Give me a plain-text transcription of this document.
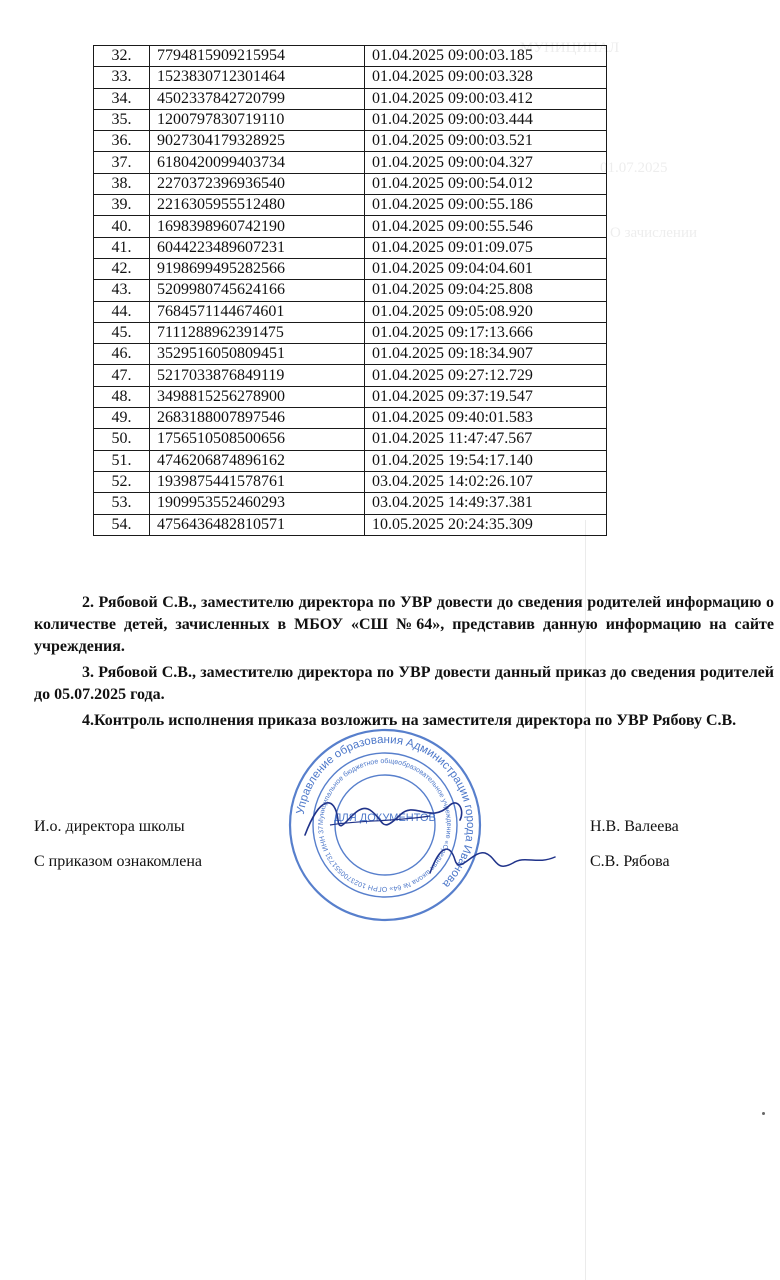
МУНИЦИПАЛ
01.07.2025
О зачислении
32.	7794815909215954	01.04.2025 09:00:03.185
33.	1523830712301464	01.04.2025 09:00:03.328
34.	4502337842720799	01.04.2025 09:00:03.412
35.	1200797830719110	01.04.2025 09:00:03.444
36.	9027304179328925	01.04.2025 09:00:03.521
37.	6180420099403734	01.04.2025 09:00:04.327
38.	2270372396936540	01.04.2025 09:00:54.012
39.	2216305955512480	01.04.2025 09:00:55.186
40.	1698398960742190	01.04.2025 09:00:55.546
41.	6044223489607231	01.04.2025 09:01:09.075
42.	9198699495282566	01.04.2025 09:04:04.601
43.	5209980745624166	01.04.2025 09:04:25.808
44.	7684571144674601	01.04.2025 09:05:08.920
45.	7111288962391475	01.04.2025 09:17:13.666
46.	3529516050809451	01.04.2025 09:18:34.907
47.	5217033876849119	01.04.2025 09:27:12.729
48.	3498815256278900	01.04.2025 09:37:19.547
49.	2683188007897546	01.04.2025 09:40:01.583
50.	1756510508500656	01.04.2025 11:47:47.567
51.	4746206874896162	01.04.2025 19:54:17.140
52.	1939875441578761	03.04.2025 14:02:26.107
53.	1909953552460293	03.04.2025 14:49:37.381
54.	4756436482810571	10.05.2025 20:24:35.309
2. Рябовой С.В., заместителю директора по УВР довести до сведения родителей информацию о количестве детей, зачисленных в МБОУ «СШ №64», представив данную информацию на сайте учреждения.
3. Рябовой С.В., заместителю директора по УВР довести данный приказ до сведения родителей до 05.07.2025 года.
4.Контроль исполнения приказа возложить на заместителя директора по УВР Рябову С.В.
И.о. директора школы	Н.В. Валеева
С приказом ознакомлена	С.В. Рябова
Управление образования Администрации города Иванова
Муниципальное бюджетное общеобразовательное учреждение «Средняя школа № 64» ОГРН 1023700551731 ИНН 37
ДЛЯ ДОКУМЕНТОВ
